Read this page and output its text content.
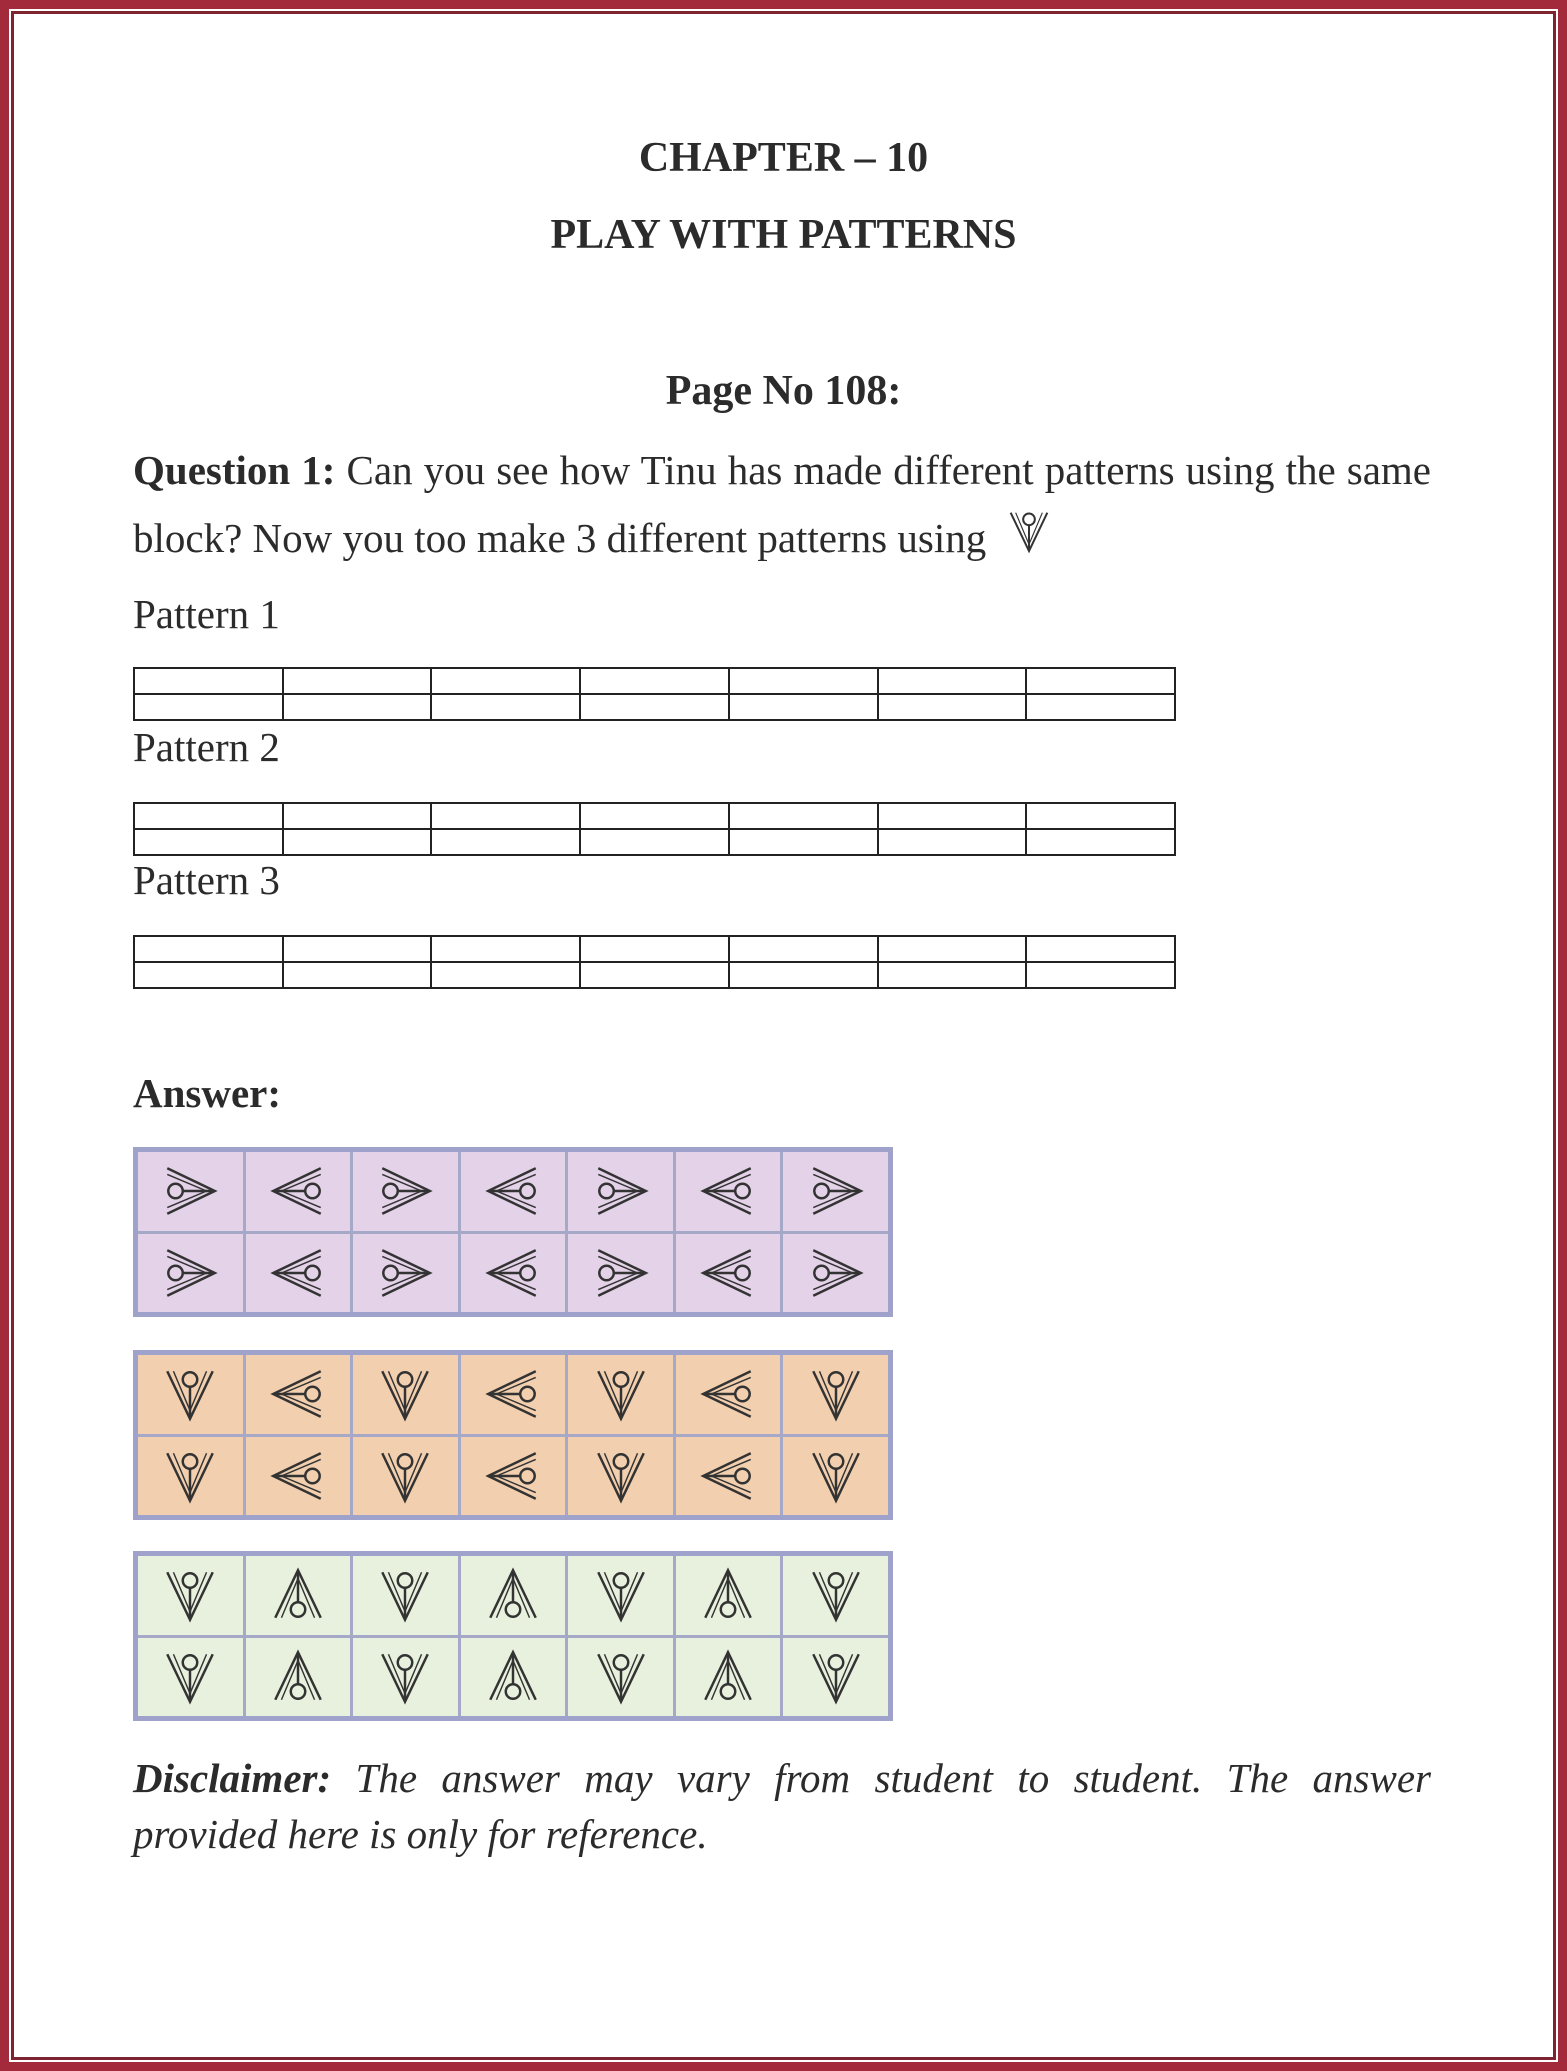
CHAPTER – 10
PLAY WITH PATTERNS
Page No 108:
Question 1: Can you see how Tinu has made different patterns using the same block? Now you too make 3 different patterns using
Pattern 1

Pattern 2

Pattern 3

Answer:
Disclaimer: The answer may vary from student to student. The answer provided here is only for reference.
